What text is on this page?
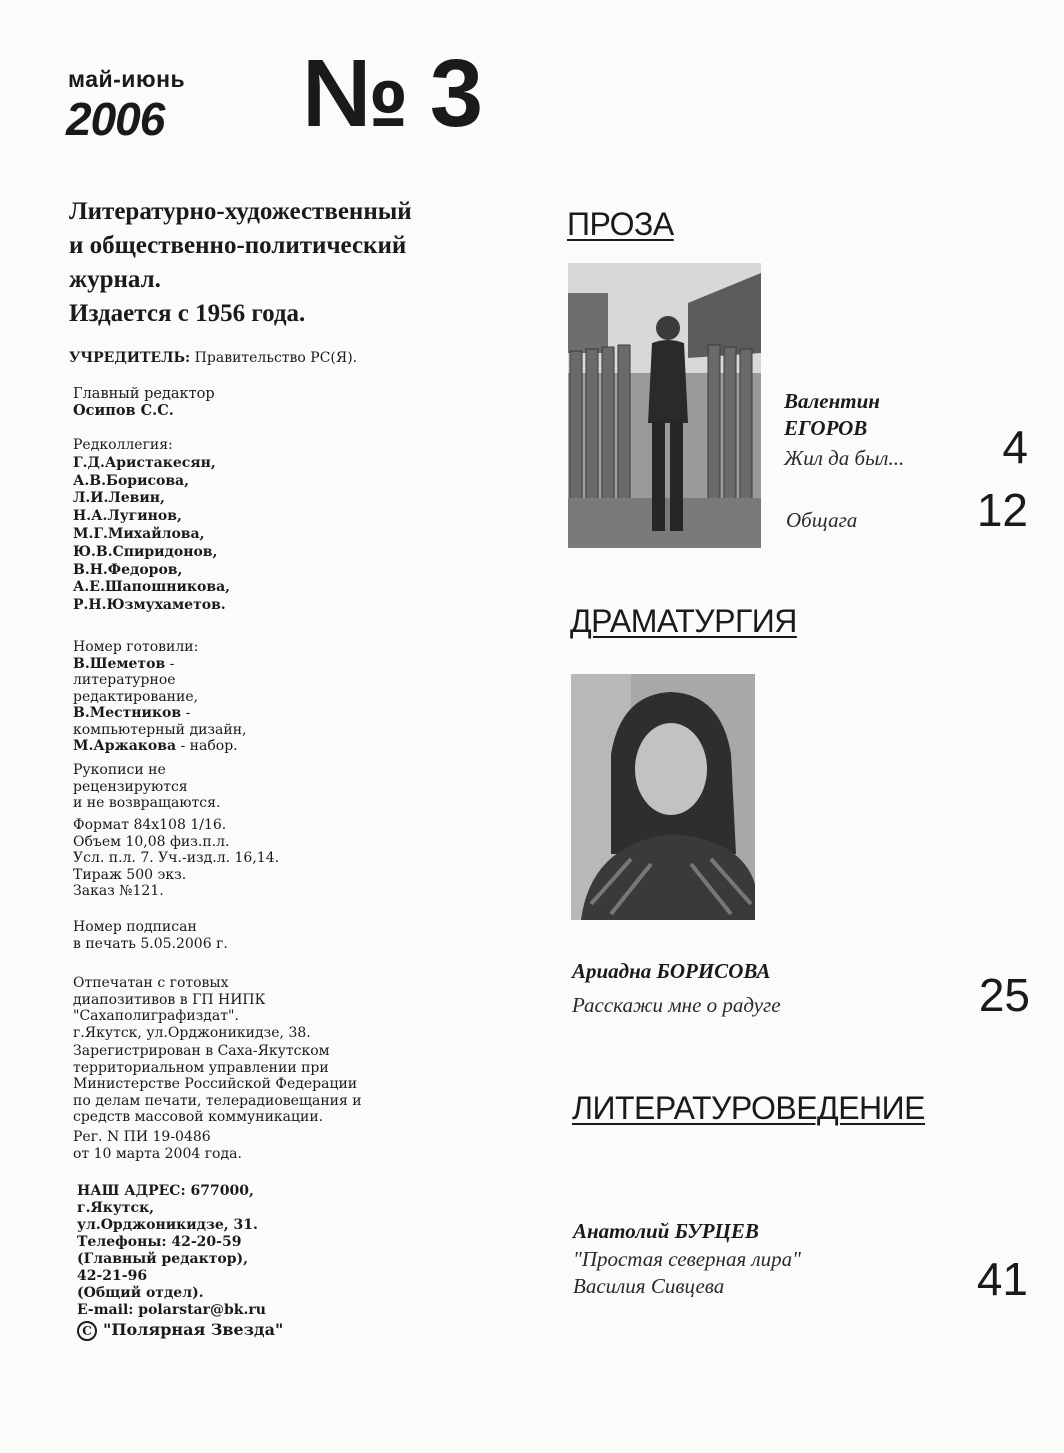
май-июнь
2006 № 3
Литературно-художественный
и общественно-политический
журнал.
Издается с 1956 года.
УЧРЕДИТЕЛЬ: Правительство РС(Я).
Главный редактор
Осипов С.С.
Редколлегия:
Г.Д.Аристакесян,
А.В.Борисова,
Л.И.Левин,
Н.А.Лугинов,
М.Г.Михайлова,
Ю.В.Спиридонов,
В.Н.Федоров,
А.Е.Шапошникова,
Р.Н.Юзмухаметов.
Номер готовили:
В.Шеметов -
литературное
редактирование,
В.Местников -
компьютерный дизайн,
М.Аржакова - набор.
Рукописи не
рецензируются
и не возвращаются.
Формат 84х108 1/16.
Объем 10,08 физ.п.л.
Усл. п.л. 7. Уч.-изд.л. 16,14.
Тираж 500 экз.
Заказ №121.
Номер подписан
в печать 5.05.2006 г.
Отпечатан с готовых
диапозитивов в ГП НИПК
"Сахаполиграфиздат".
г.Якутск, ул.Орджоникидзе, 38.
Зарегистрирован в Саха-Якутском
территориальном управлении при
Министерстве Российской Федерации
по делам печати, телерадиовещания и
средств массовой коммуникации.
Рег. N ПИ 19-0486
от 10 марта 2004 года.
НАШ АДРЕС: 677000,
г.Якутск,
ул.Орджоникидзе, 31.
Телефоны: 42-20-59
(Главный редактор),
42-21-96
(Общий отдел).
E-mail: polarstar@bk.ru
C "Полярная Звезда"
ПРОЗА
Валентин
ЕГОРОВ
Жил да был...	4
Общага	12
ДРАМАТУРГИЯ
Ариадна БОРИСОВА
Расскажи мне о радуге	25
ЛИТЕРАТУРОВЕДЕНИЕ
Анатолий БУРЦЕВ
"Простая северная лира"
Василия Сивцева	41
